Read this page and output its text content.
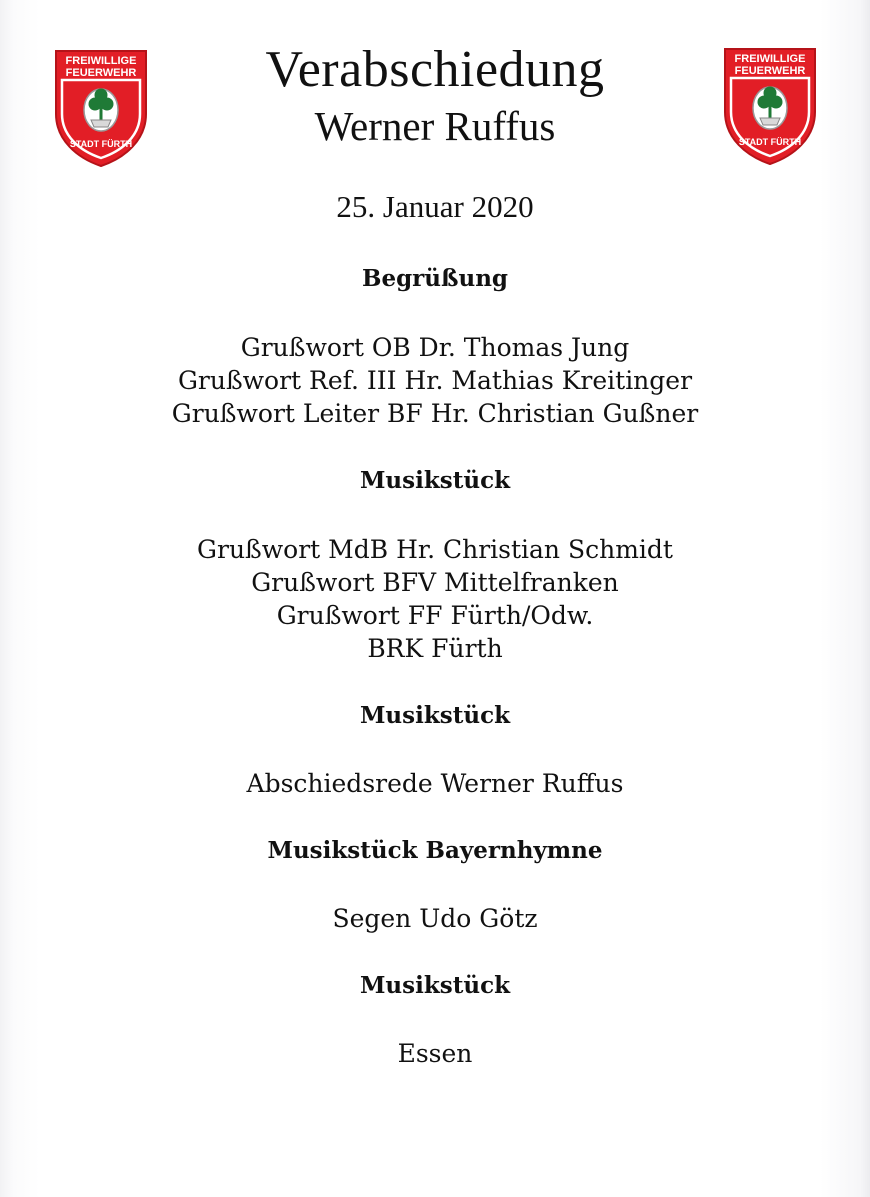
FREIWILLIGE
FEUERWEHR
STADT FÜRTH
FREIWILLIGE
FEUERWEHR
STADT FÜRTH
Verabschiedung
Werner Ruffus
25. Januar 2020
Begrüßung
Grußwort OB Dr. Thomas Jung
Grußwort Ref. III Hr. Mathias Kreitinger
Grußwort Leiter BF Hr. Christian Gußner
Musikstück
Grußwort MdB Hr. Christian Schmidt
Grußwort BFV Mittelfranken
Grußwort FF Fürth/Odw.
BRK Fürth
Musikstück
Abschiedsrede Werner Ruffus
Musikstück Bayernhymne
Segen Udo Götz
Musikstück
Essen
